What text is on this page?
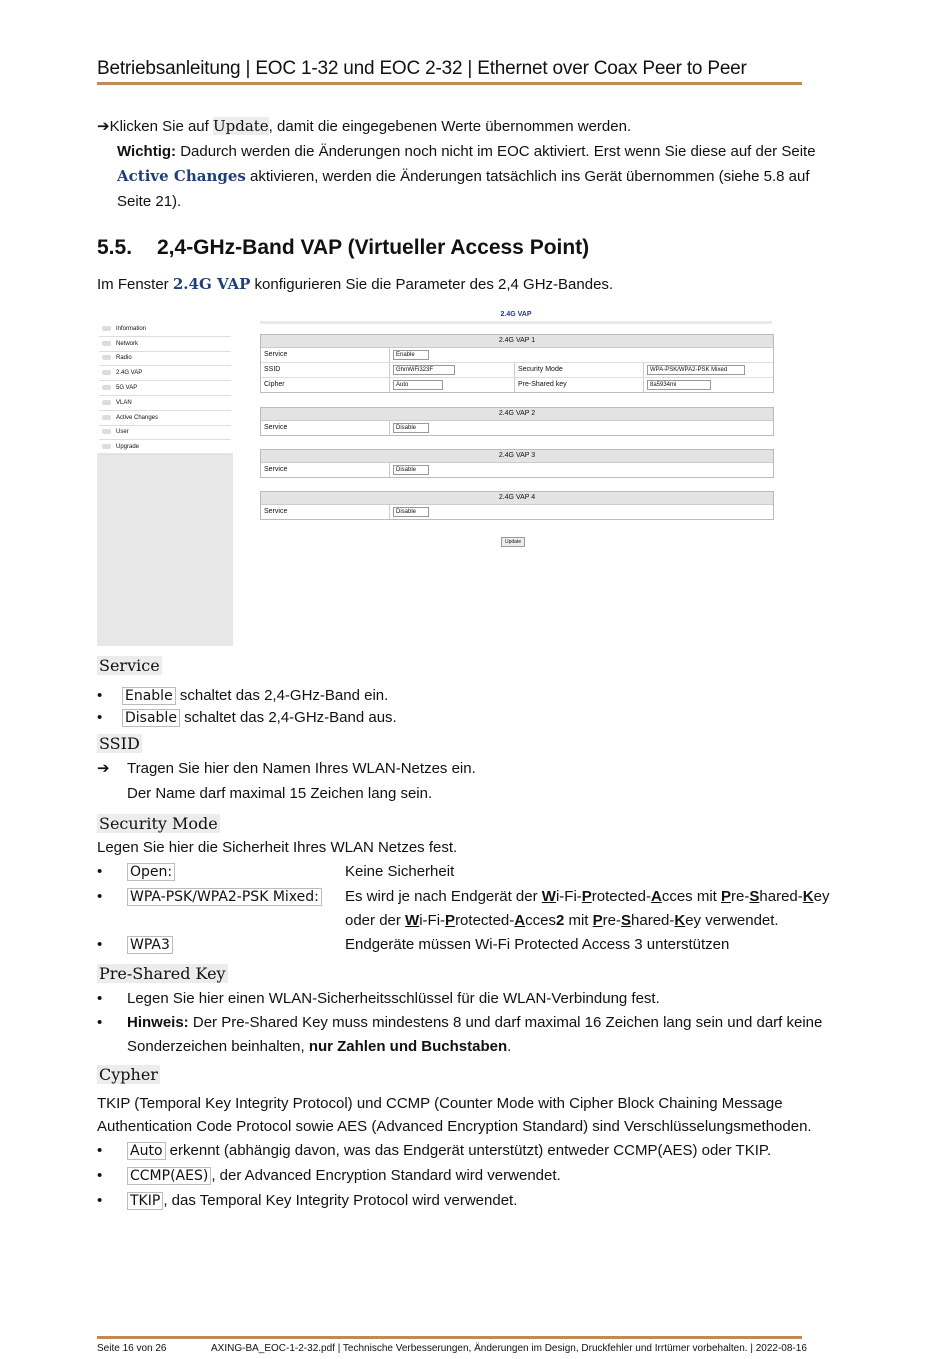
Betriebsanleitung | EOC 1-32 und EOC 2-32 | Ethernet over Coax Peer to Peer
➔Klicken Sie auf Update, damit die eingegebenen Werte übernommen werden.
Wichtig: Dadurch werden die Änderungen noch nicht im EOC aktiviert. Erst wenn Sie diese auf der Seite
Active Changes aktivieren, werden die Änderungen tatsächlich ins Gerät übernommen (siehe 5.8 auf
Seite 21).
5.5. 2,4-GHz-Band VAP (Virtueller Access Point)
Im Fenster 2.4G VAP konfigurieren Sie die Parameter des 2,4 GHz-Bandes.
Information
Network
Radio
2.4G VAP
5G VAP
VLAN
Active Changes
User
Upgrade
2.4G VAP
2.4G VAP 1
Service	Enable
SSID	GhnWiFi323F	Security Mode	WPA-PSK/WPA2-PSK Mixed
Cipher	Auto	Pre-Shared key	8a5934mi
2.4G VAP 2
Service	Disable
2.4G VAP 3
Service	Disable
2.4G VAP 4
Service	Disable
Update
Service
• Enable schaltet das 2,4-GHz-Band ein.
• Disable schaltet das 2,4-GHz-Band aus.
SSID
➔ Tragen Sie hier den Namen Ihres WLAN-Netzes ein.
Der Name darf maximal 15 Zeichen lang sein.
Security Mode
Legen Sie hier die Sicherheit Ihres WLAN Netzes fest.
• Open:	Keine Sicherheit
• WPA-PSK/WPA2-PSK Mixed: Es wird je nach Endgerät der Wi-Fi-Protected-Acces mit Pre-Shared-Key
oder der Wi-Fi-Protected-Acces2 mit Pre-Shared-Key verwendet.
• WPA3	Endgeräte müssen Wi-Fi Protected Access 3 unterstützen
Pre-Shared Key
• Legen Sie hier einen WLAN-Sicherheitsschlüssel für die WLAN-Verbindung fest.
• Hinweis: Der Pre-Shared Key muss mindestens 8 und darf maximal 16 Zeichen lang sein und darf keine
Sonderzeichen beinhalten, nur Zahlen und Buchstaben.
Cypher
TKIP (Temporal Key Integrity Protocol) und CCMP (Counter Mode with Cipher Block Chaining Message
Authentication Code Protocol sowie AES (Advanced Encryption Standard) sind Verschlüsselungsmethoden.
• Auto erkennt (abhängig davon, was das Endgerät unterstützt) entweder CCMP(AES) oder TKIP.
• CCMP(AES) , der Advanced Encryption Standard wird verwendet.
• TKIP , das Temporal Key Integrity Protocol wird verwendet.
Seite 16 von 26	AXING-BA_EOC-1-2-32.pdf | Technische Verbesserungen, Änderungen im Design, Druckfehler und Irrtümer vorbehalten. | 2022-08-16
